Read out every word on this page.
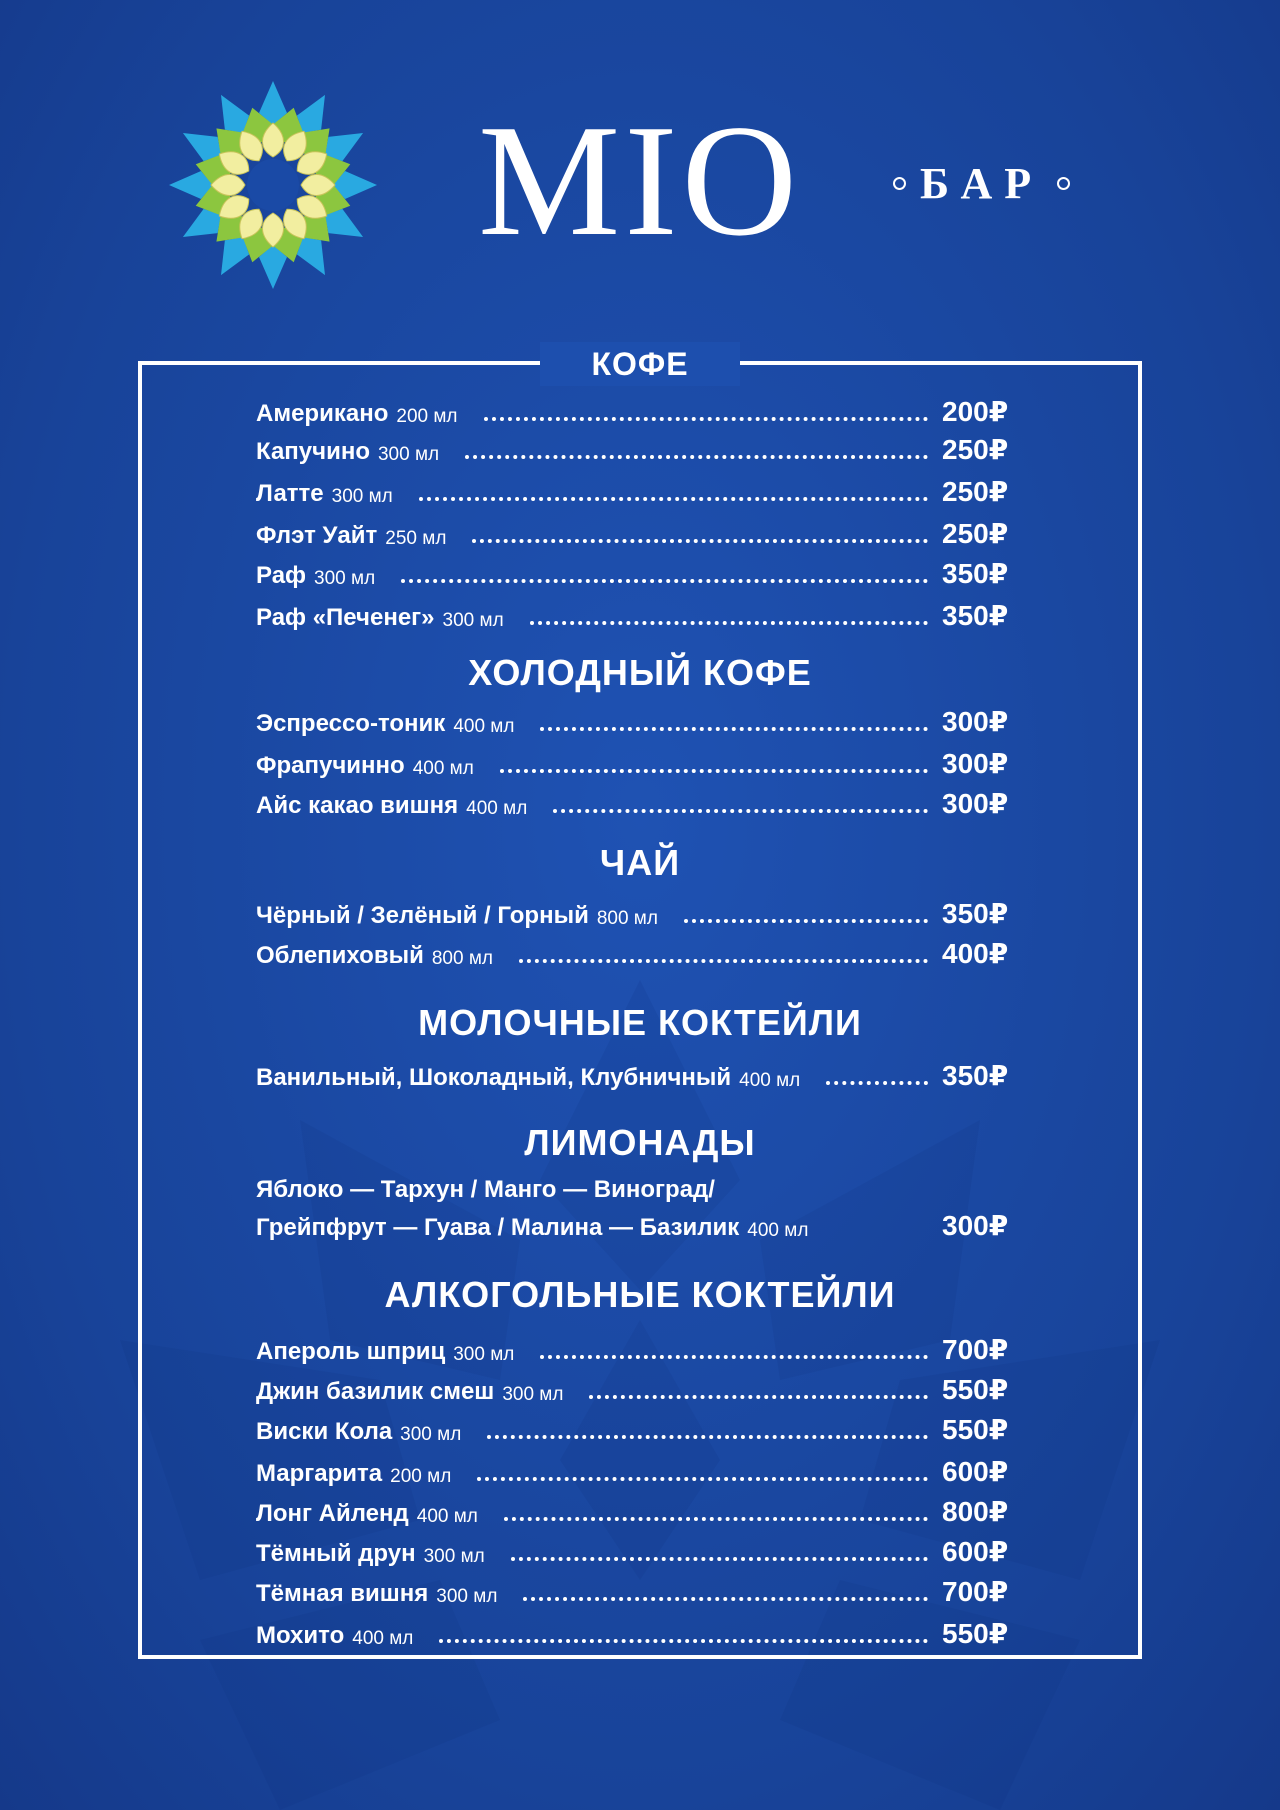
MIO	БАР
КОФЕ
Американо 200 мл	200₽
Капучино 300 мл	250₽
Латте 300 мл	250₽
Флэт Уайт 250 мл	250₽
Раф 300 мл	350₽
Раф «Печенег» 300 мл	350₽
ХОЛОДНЫЙ КОФЕ
Эспрессо-тоник 400 мл	300₽
Фрапучинно 400 мл	300₽
Айс какао вишня 400 мл	300₽
ЧАЙ
Чёрный / Зелёный / Горный 800 мл	350₽
Облепиховый 800 мл	400₽
МОЛОЧНЫЕ КОКТЕЙЛИ
Ванильный, Шоколадный, Клубничный 400 мл	350₽
ЛИМОНАДЫ
Яблоко — Тархун / Манго — Виноград/
Грейпфрут — Гуава / Малина — Базилик 400 мл	300₽
АЛКОГОЛЬНЫЕ КОКТЕЙЛИ
Апероль шприц 300 мл	700₽
Джин базилик смеш 300 мл	550₽
Виски Кола 300 мл	550₽
Маргарита 200 мл	600₽
Лонг Айленд 400 мл	800₽
Тёмный друн 300 мл	600₽
Тёмная вишня 300 мл	700₽
Мохито 400 мл	550₽
